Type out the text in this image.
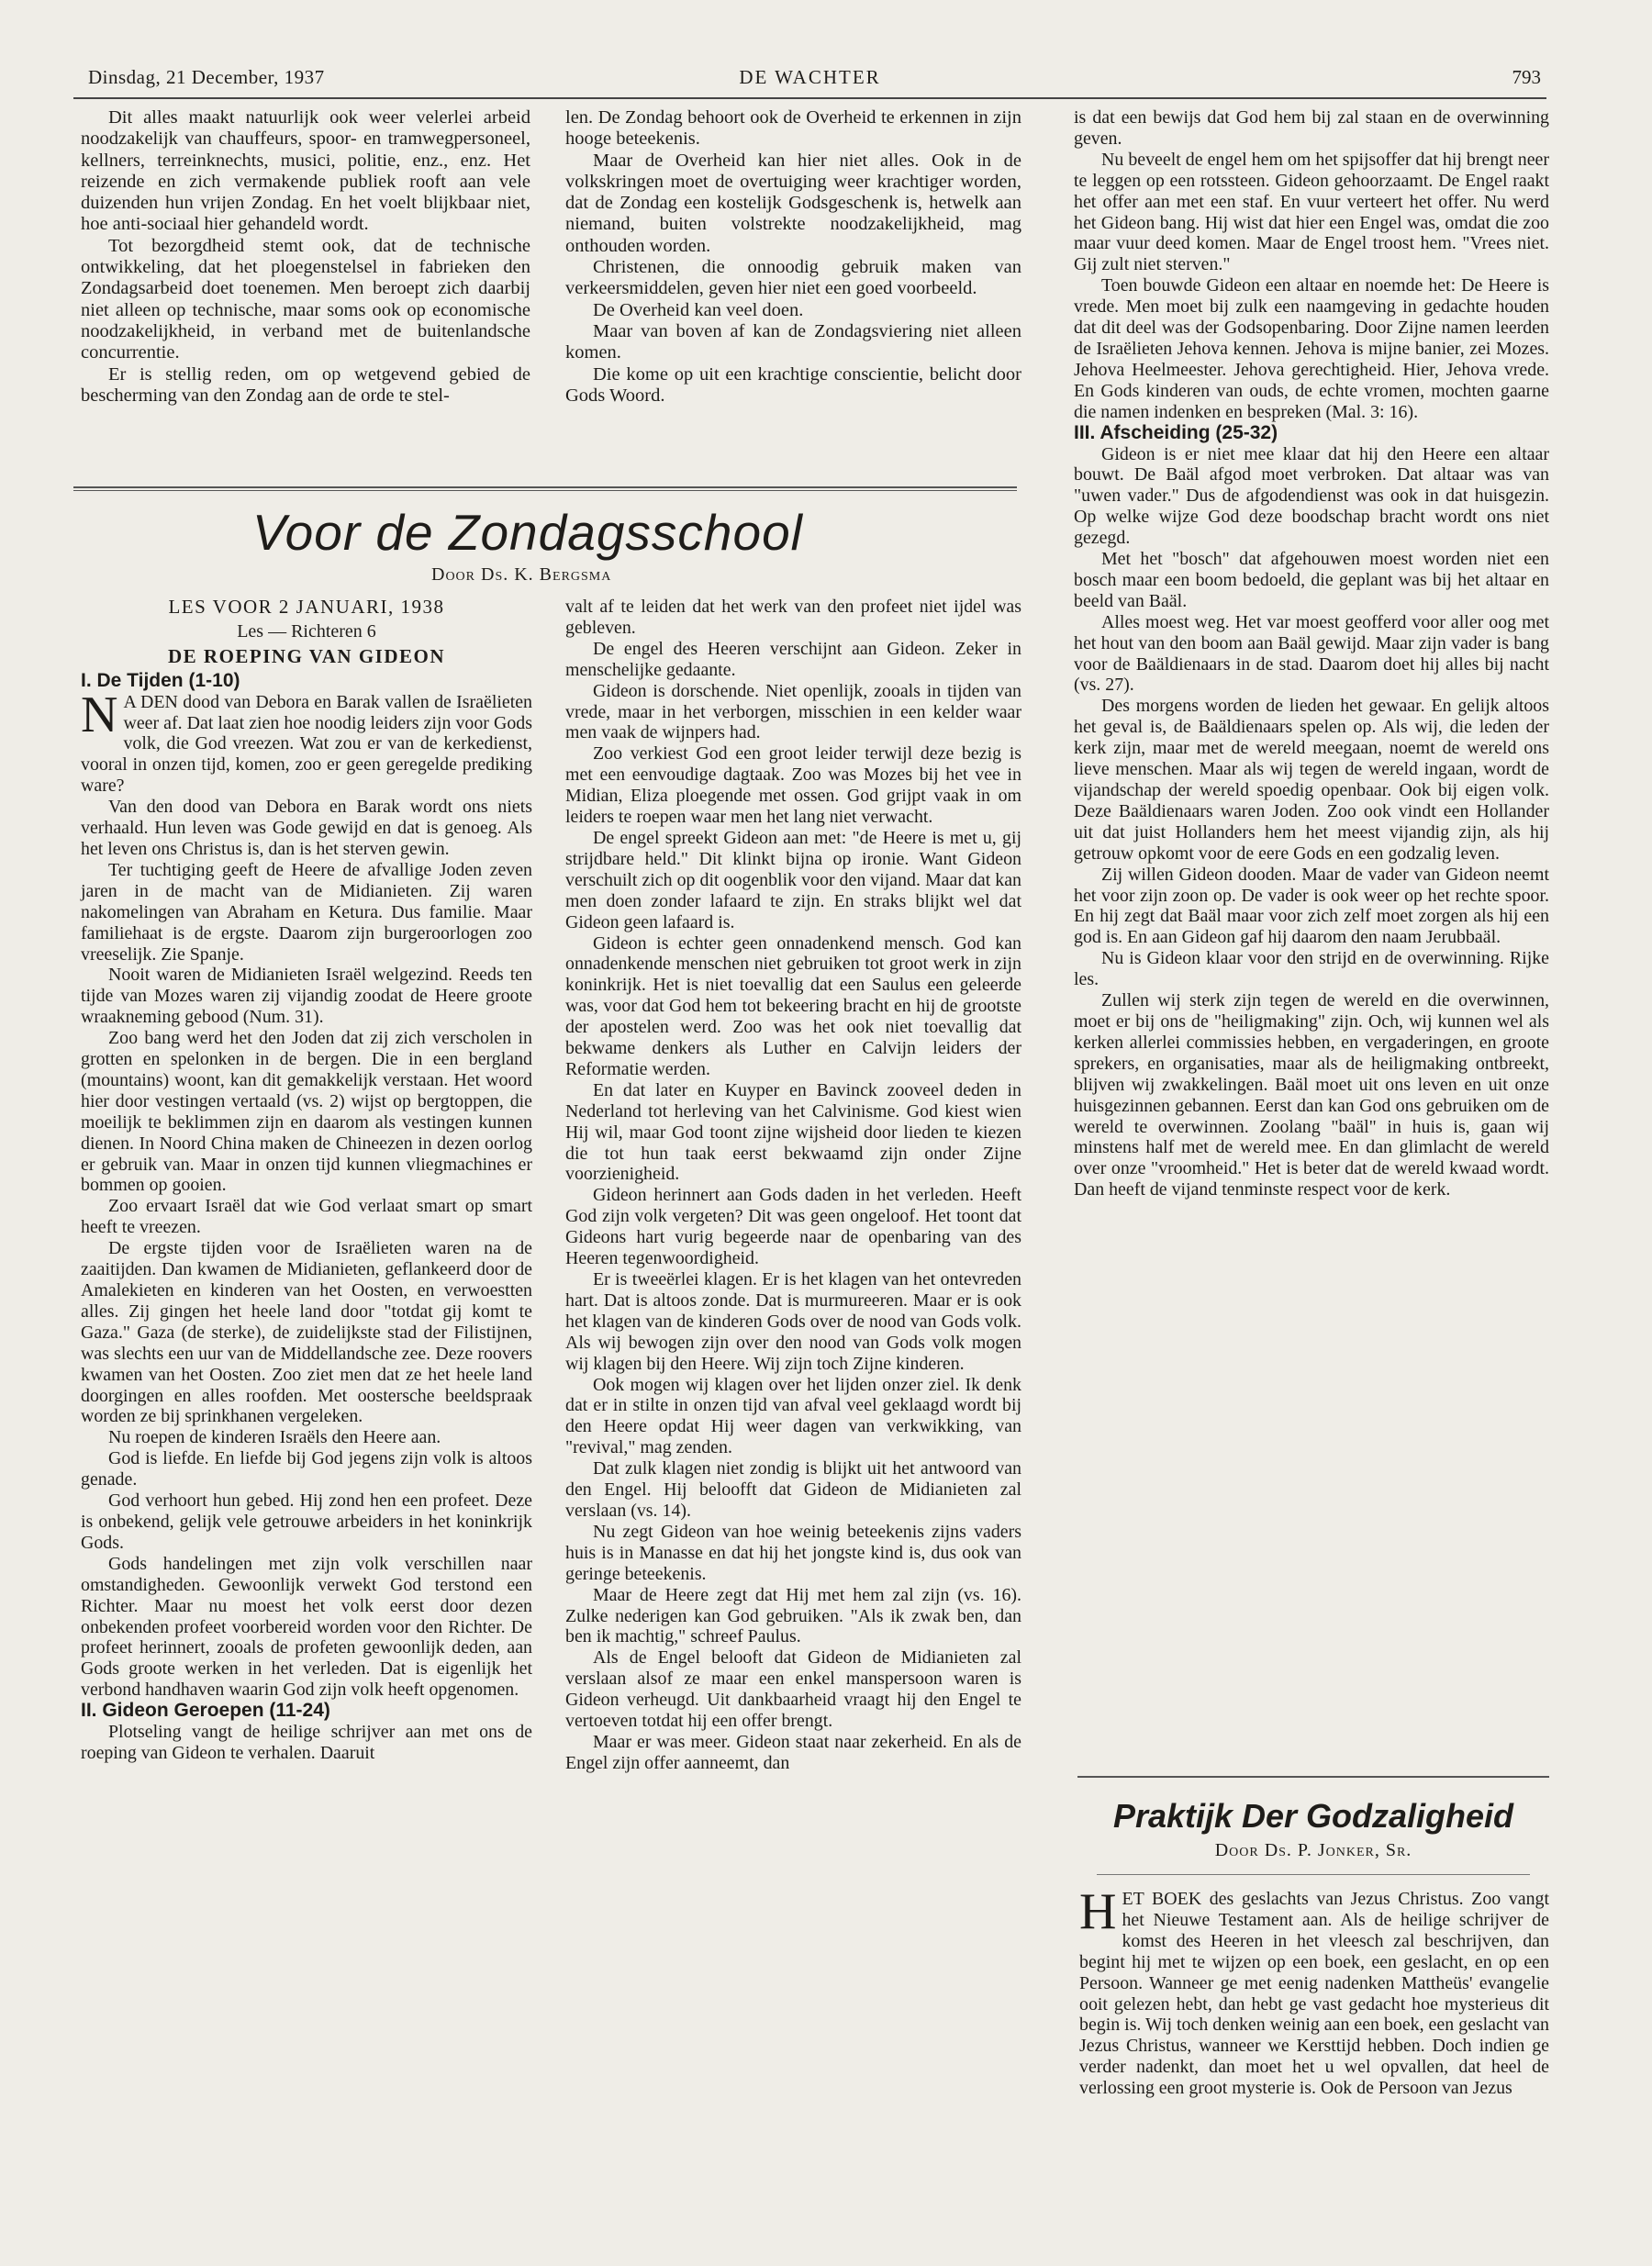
Dinsdag, 21 December, 1937	DE WACHTER	793

Dit alles maakt natuurlijk ook weer velerlei arbeid noodzakelijk van chauffeurs, spoor- en tramwegpersoneel, kellners, terreinknechts, musici, politie, enz., enz. Het reizende en zich vermakende publiek rooft aan vele duizenden hun vrijen Zondag. En het voelt blijkbaar niet, hoe anti-sociaal hier gehandeld wordt.

Tot bezorgdheid stemt ook, dat de technische ontwikkeling, dat het ploegenstelsel in fabrieken den Zondagsarbeid doet toenemen. Men beroept zich daarbij niet alleen op technische, maar soms ook op economische noodzakelijkheid, in verband met de buitenlandsche concurrentie.

Er is stellig reden, om op wetgevend gebied de bescherming van den Zondag aan de orde te stel-

len. De Zondag behoort ook de Overheid te erkennen in zijn hooge beteekenis.

Maar de Overheid kan hier niet alles. Ook in de volkskringen moet de overtuiging weer krachtiger worden, dat de Zondag een kostelijk Godsgeschenk is, hetwelk aan niemand, buiten volstrekte noodzakelijkheid, mag onthouden worden.

Christenen, die onnoodig gebruik maken van verkeersmiddelen, geven hier niet een goed voorbeeld.

De Overheid kan veel doen.

Maar van boven af kan de Zondagsviering niet alleen komen.

Die kome op uit een krachtige conscientie, belicht door Gods Woord.

Voor de Zondagsschool
Door Ds. K. Bergsma
LES VOOR 2 JANUARI, 1938
Les — Richteren 6
DE ROEPING VAN GIDEON

I. De Tijden (1-10)

N A DEN dood van Debora en Barak vallen de Israëlieten weer af. Dat laat zien hoe noodig leiders zijn voor Gods volk, die God vreezen. Wat zou er van de kerkedienst, vooral in onzen tijd, komen, zoo er geen geregelde prediking ware?

Van den dood van Debora en Barak wordt ons niets verhaald. Hun leven was Gode gewijd en dat is genoeg. Als het leven ons Christus is, dan is het sterven gewin.

Ter tuchtiging geeft de Heere de afvallige Joden zeven jaren in de macht van de Midianieten. Zij waren nakomelingen van Abraham en Ketura. Dus familie. Maar familiehaat is de ergste. Daarom zijn burgeroorlogen zoo vreeselijk. Zie Spanje.

Nooit waren de Midianieten Israël welgezind. Reeds ten tijde van Mozes waren zij vijandig zoodat de Heere groote wraakneming gebood (Num. 31).

Zoo bang werd het den Joden dat zij zich verscholen in grotten en spelonken in de bergen. Die in een bergland (mountains) woont, kan dit gemakkelijk verstaan. Het woord hier door vestingen vertaald (vs. 2) wijst op bergtoppen, die moeilijk te beklimmen zijn en daarom als vestingen kunnen dienen. In Noord China maken de Chineezen in dezen oorlog er gebruik van. Maar in onzen tijd kunnen vliegmachines er bommen op gooien.

Zoo ervaart Israël dat wie God verlaat smart op smart heeft te vreezen.

De ergste tijden voor de Israëlieten waren na de zaaitijden. Dan kwamen de Midianieten, geflankeerd door de Amalekieten en kinderen van het Oosten, en verwoestten alles. Zij gingen het heele land door "totdat gij komt te Gaza." Gaza (de sterke), de zuidelijkste stad der Filistijnen, was slechts een uur van de Middellandsche zee. Deze roovers kwamen van het Oosten. Zoo ziet men dat ze het heele land doorgingen en alles roofden. Met oostersche beeldspraak worden ze bij sprinkhanen vergeleken.

Nu roepen de kinderen Israëls den Heere aan.

God is liefde. En liefde bij God jegens zijn volk is altoos genade.

God verhoort hun gebed. Hij zond hen een profeet. Deze is onbekend, gelijk vele getrouwe arbeiders in het koninkrijk Gods.

Gods handelingen met zijn volk verschillen naar omstandigheden. Gewoonlijk verwekt God terstond een Richter. Maar nu moest het volk eerst door dezen onbekenden profeet voorbereid worden voor den Richter. De profeet herinnert, zooals de profeten gewoonlijk deden, aan Gods groote werken in het verleden. Dat is eigenlijk het verbond handhaven waarin God zijn volk heeft opgenomen.

II. Gideon Geroepen (11-24)

Plotseling vangt de heilige schrijver aan met ons de roeping van Gideon te verhalen. Daaruit

valt af te leiden dat het werk van den profeet niet ijdel was gebleven.

De engel des Heeren verschijnt aan Gideon. Zeker in menschelijke gedaante.

Gideon is dorschende. Niet openlijk, zooals in tijden van vrede, maar in het verborgen, misschien in een kelder waar men vaak de wijnpers had.

Zoo verkiest God een groot leider terwijl deze bezig is met een eenvoudige dagtaak. Zoo was Mozes bij het vee in Midian, Eliza ploegende met ossen. God grijpt vaak in om leiders te roepen waar men het lang niet verwacht.

De engel spreekt Gideon aan met: "de Heere is met u, gij strijdbare held." Dit klinkt bijna op ironie. Want Gideon verschuilt zich op dit oogenblik voor den vijand. Maar dat kan men doen zonder lafaard te zijn. En straks blijkt wel dat Gideon geen lafaard is.

Gideon is echter geen onnadenkend mensch. God kan onnadenkende menschen niet gebruiken tot groot werk in zijn koninkrijk. Het is niet toevallig dat een Saulus een geleerde was, voor dat God hem tot bekeering bracht en hij de grootste der apostelen werd. Zoo was het ook niet toevallig dat bekwame denkers als Luther en Calvijn leiders der Reformatie werden.

En dat later en Kuyper en Bavinck zooveel deden in Nederland tot herleving van het Calvinisme. God kiest wien Hij wil, maar God toont zijne wijsheid door lieden te kiezen die tot hun taak eerst bekwaamd zijn onder Zijne voorzienigheid.

Gideon herinnert aan Gods daden in het verleden. Heeft God zijn volk vergeten? Dit was geen ongeloof. Het toont dat Gideons hart vurig begeerde naar de openbaring van des Heeren tegenwoordigheid.

Er is tweeërlei klagen. Er is het klagen van het ontevreden hart. Dat is altoos zonde. Dat is murmureeren. Maar er is ook het klagen van de kinderen Gods over de nood van Gods volk. Als wij bewogen zijn over den nood van Gods volk mogen wij klagen bij den Heere. Wij zijn toch Zijne kinderen.

Ook mogen wij klagen over het lijden onzer ziel. Ik denk dat er in stilte in onzen tijd van afval veel geklaagd wordt bij den Heere opdat Hij weer dagen van verkwikking, van "revival," mag zenden.

Dat zulk klagen niet zondig is blijkt uit het antwoord van den Engel. Hij beloofft dat Gideon de Midianieten zal verslaan (vs. 14).

Nu zegt Gideon van hoe weinig beteekenis zijns vaders huis is in Manasse en dat hij het jongste kind is, dus ook van geringe beteekenis.

Maar de Heere zegt dat Hij met hem zal zijn (vs. 16). Zulke nederigen kan God gebruiken. "Als ik zwak ben, dan ben ik machtig," schreef Paulus.

Als de Engel belooft dat Gideon de Midianieten zal verslaan alsof ze maar een enkel manspersoon waren is Gideon verheugd. Uit dankbaarheid vraagt hij den Engel te vertoeven totdat hij een offer brengt.

Maar er was meer. Gideon staat naar zekerheid. En als de Engel zijn offer aanneemt, dan

is dat een bewijs dat God hem bij zal staan en de overwinning geven.

Nu beveelt de engel hem om het spijsoffer dat hij brengt neer te leggen op een rotssteen. Gideon gehoorzaamt. De Engel raakt het offer aan met een staf. En vuur verteert het offer. Nu werd het Gideon bang. Hij wist dat hier een Engel was, omdat die zoo maar vuur deed komen. Maar de Engel troost hem. "Vrees niet. Gij zult niet sterven."

Toen bouwde Gideon een altaar en noemde het: De Heere is vrede. Men moet bij zulk een naamgeving in gedachte houden dat dit deel was der Godsopenbaring. Door Zijne namen leerden de Israëlieten Jehova kennen. Jehova is mijne banier, zei Mozes. Jehova Heelmeester. Jehova gerechtigheid. Hier, Jehova vrede. En Gods kinderen van ouds, de echte vromen, mochten gaarne die namen indenken en bespreken (Mal. 3: 16).

III. Afscheiding (25-32)

Gideon is er niet mee klaar dat hij den Heere een altaar bouwt. De Baäl afgod moet verbroken. Dat altaar was van "uwen vader." Dus de afgodendienst was ook in dat huisgezin. Op welke wijze God deze boodschap bracht wordt ons niet gezegd.

Met het "bosch" dat afgehouwen moest worden niet een bosch maar een boom bedoeld, die geplant was bij het altaar en beeld van Baäl.

Alles moest weg. Het var moest geofferd voor aller oog met het hout van den boom aan Baäl gewijd. Maar zijn vader is bang voor de Baäldienaars in de stad. Daarom doet hij alles bij nacht (vs. 27).

Des morgens worden de lieden het gewaar. En gelijk altoos het geval is, de Baäldienaars spelen op. Als wij, die leden der kerk zijn, maar met de wereld meegaan, noemt de wereld ons lieve menschen. Maar als wij tegen de wereld ingaan, wordt de vijandschap der wereld spoedig openbaar. Ook bij eigen volk. Deze Baäldienaars waren Joden. Zoo ook vindt een Hollander uit dat juist Hollanders hem het meest vijandig zijn, als hij getrouw opkomt voor de eere Gods en een godzalig leven.

Zij willen Gideon dooden. Maar de vader van Gideon neemt het voor zijn zoon op. De vader is ook weer op het rechte spoor. En hij zegt dat Baäl maar voor zich zelf moet zorgen als hij een god is. En aan Gideon gaf hij daarom den naam Jerubbaäl.

Nu is Gideon klaar voor den strijd en de overwinning. Rijke les.

Zullen wij sterk zijn tegen de wereld en die overwinnen, moet er bij ons de "heiligmaking" zijn. Och, wij kunnen wel als kerken allerlei commissies hebben, en vergaderingen, en groote sprekers, en organisaties, maar als de heiligmaking ontbreekt, blijven wij zwakkelingen. Baäl moet uit ons leven en uit onze huisgezinnen gebannen. Eerst dan kan God ons gebruiken om de wereld te overwinnen. Zoolang "baäl" in huis is, gaan wij minstens half met de wereld mee. En dan glimlacht de wereld over onze "vroomheid." Het is beter dat de wereld kwaad wordt. Dan heeft de vijand tenminste respect voor de kerk.

Praktijk Der Godzaligheid
Door Ds. P. Jonker, Sr.

HET BOEK des geslachts van Jezus Christus. Zoo vangt het Nieuwe Testament aan. Als de heilige schrijver de komst des Heeren in het vleesch zal beschrijven, dan begint hij met te wijzen op een boek, een geslacht, en op een Persoon. Wanneer ge met eenig nadenken Mattheüs' evangelie ooit gelezen hebt, dan hebt ge vast gedacht hoe mysterieus dit begin is. Wij toch denken weinig aan een boek, een geslacht van Jezus Christus, wanneer we Kersttijd hebben. Doch indien ge verder nadenkt, dan moet het u wel opvallen, dat heel de verlossing een groot mysterie is. Ook de Persoon van Jezus
